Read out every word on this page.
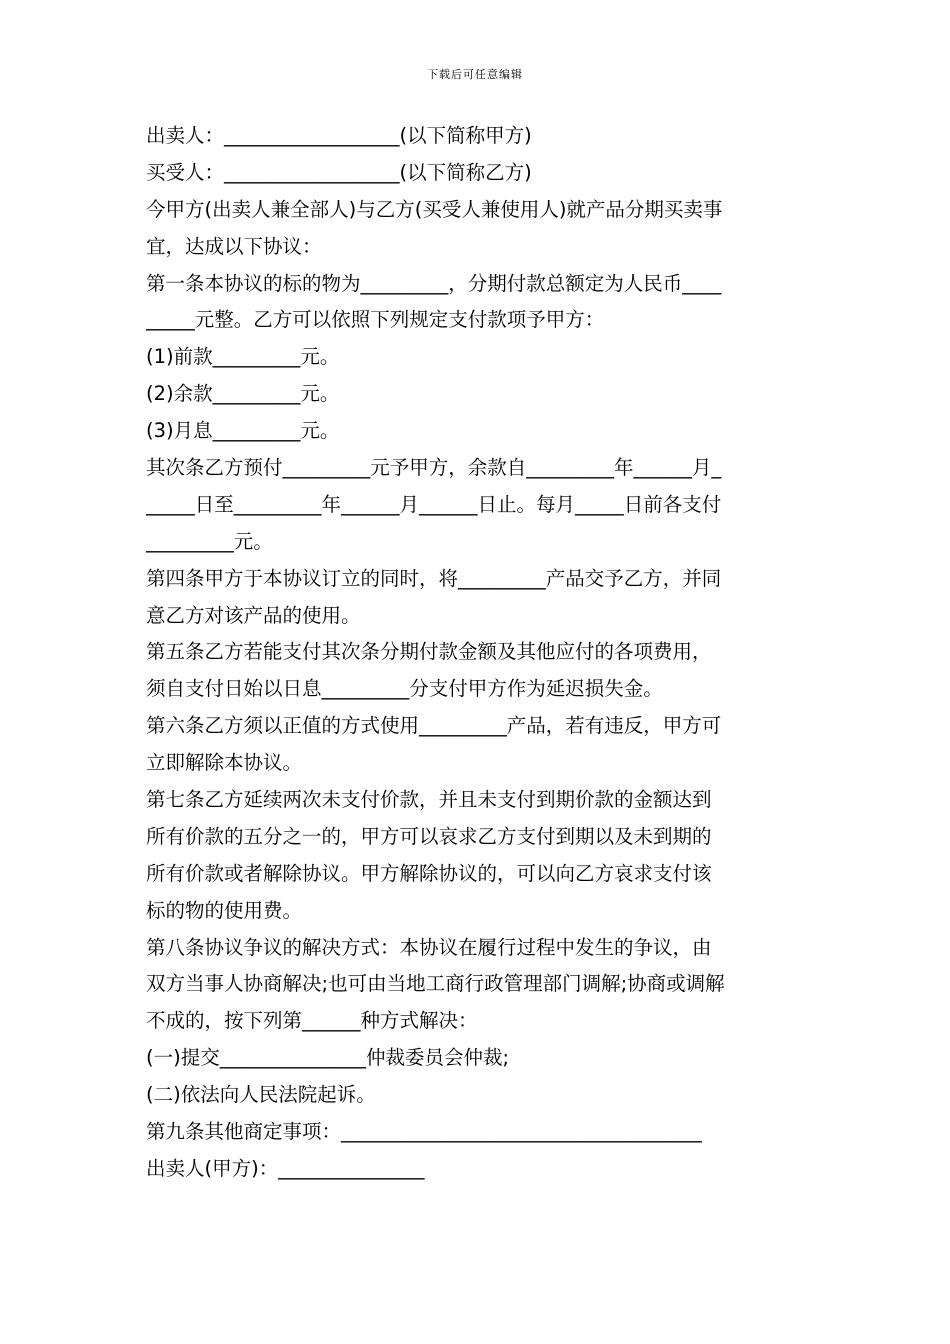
下载后可任意编辑
出卖人：__________________(以下简称甲方)
买受人：__________________(以下简称乙方)
今甲方(出卖人兼全部人)与乙方(买受人兼使用人)就产品分期买卖事
宜，达成以下协议：
第一条本协议的标的物为_________，分期付款总额定为人民币____
_____元整。乙方可以依照下列规定支付款项予甲方：
(1)前款_________元。
(2)余款_________元。
(3)月息_________元。
其次条乙方预付_________元予甲方，余款自_________年______月_
_____日至_________年______月______日止。每月_____日前各支付
_________元。
第四条甲方于本协议订立的同时，将_________产品交予乙方，并同
意乙方对该产品的使用。
第五条乙方若能支付其次条分期付款金额及其他应付的各项费用，
须自支付日始以日息_________分支付甲方作为延迟损失金。
第六条乙方须以正值的方式使用_________产品，若有违反，甲方可
立即解除本协议。
第七条乙方延续两次未支付价款，并且未支付到期价款的金额达到
所有价款的五分之一的，甲方可以哀求乙方支付到期以及未到期的
所有价款或者解除协议。甲方解除协议的，可以向乙方哀求支付该
标的物的使用费。
第八条协议争议的解决方式：本协议在履行过程中发生的争议，由
双方当事人协商解决;也可由当地工商行政管理部门调解;协商或调解
不成的，按下列第______种方式解决：
(一)提交_______________仲裁委员会仲裁;
(二)依法向人民法院起诉。
第九条其他商定事项：_____________________________________
出卖人(甲方)：_______________
